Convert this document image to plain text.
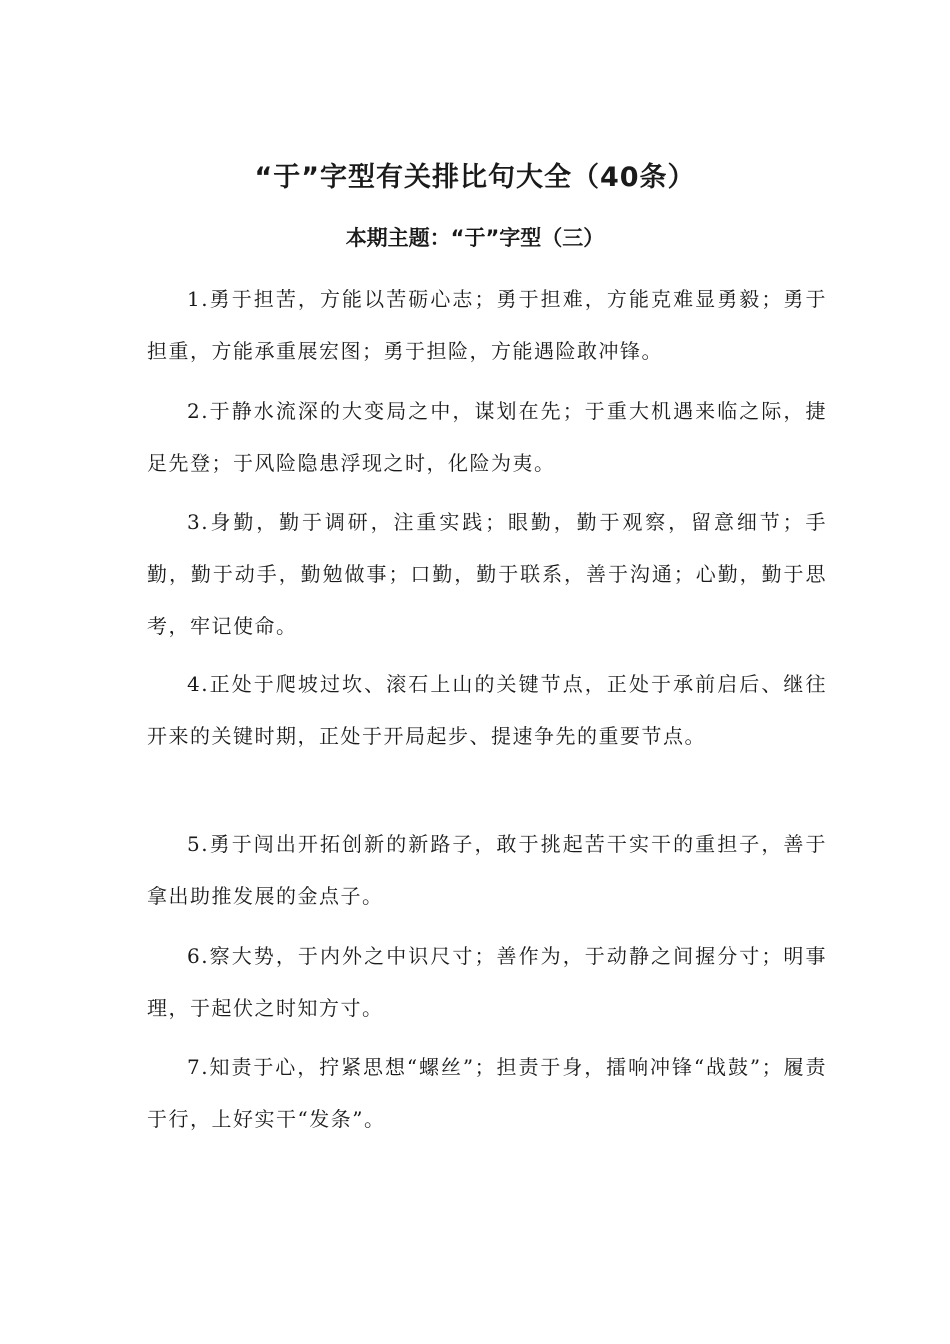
“于”字型有关排比句大全（40条）
本期主题：“于”字型（三）

1.勇于担苦，方能以苦砺心志；勇于担难，方能克难显勇毅；勇于担重，方能承重展宏图；勇于担险，方能遇险敢冲锋。

2.于静水流深的大变局之中，谋划在先；于重大机遇来临之际，捷足先登；于风险隐患浮现之时，化险为夷。

3.身勤，勤于调研，注重实践；眼勤，勤于观察，留意细节；手勤，勤于动手，勤勉做事；口勤，勤于联系，善于沟通；心勤，勤于思考，牢记使命。

4.正处于爬坡过坎、滚石上山的关键节点，正处于承前启后、继往开来的关键时期，正处于开局起步、提速争先的重要节点。

5.勇于闯出开拓创新的新路子，敢于挑起苦干实干的重担子，善于拿出助推发展的金点子。

6.察大势，于内外之中识尺寸；善作为，于动静之间握分寸；明事理，于起伏之时知方寸。

7.知责于心，拧紧思想“螺丝”；担责于身，擂响冲锋“战鼓”；履责于行，上好实干“发条”。
